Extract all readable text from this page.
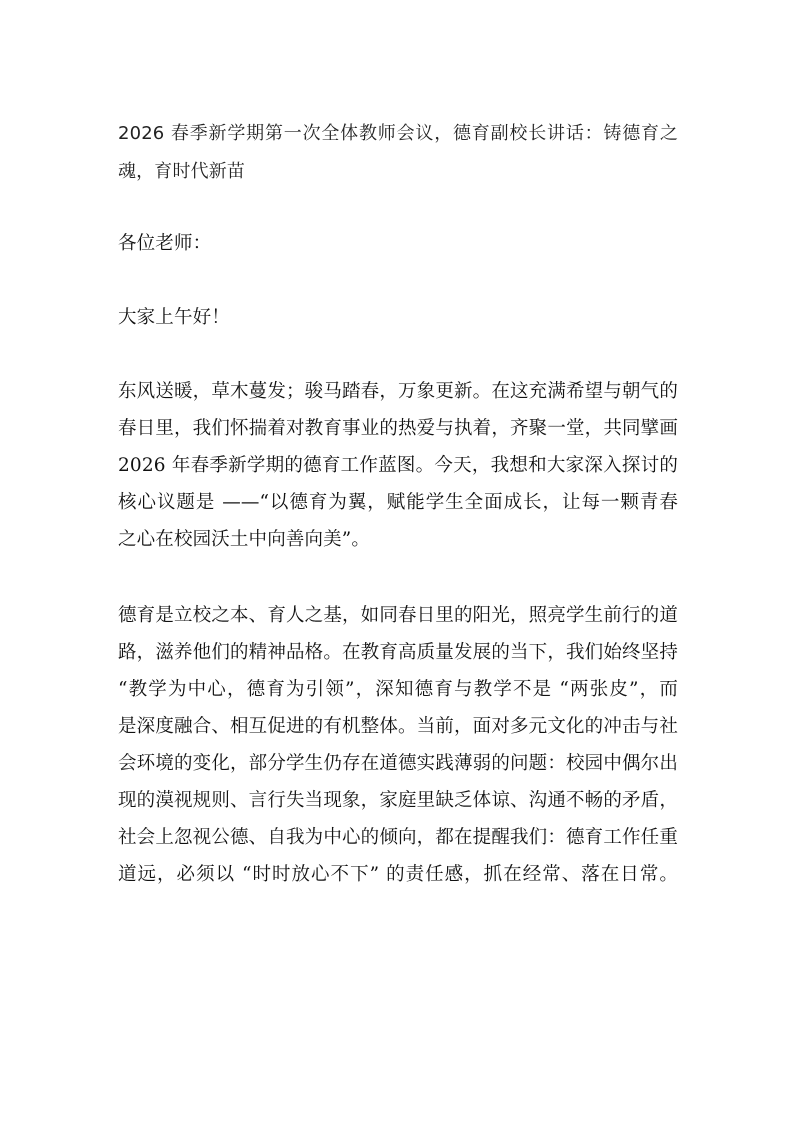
2026 春季新学期第一次全体教师会议，德育副校长讲话：铸德育之
魂，育时代新苗
各位老师：
大家上午好！
东风送暖，草木蔓发；骏马踏春，万象更新。在这充满希望与朝气的
春日里，我们怀揣着对教育事业的热爱与执着，齐聚一堂，共同擘画
2026 年春季新学期的德育工作蓝图。今天，我想和大家深入探讨的
核心议题是 ——“以德育为翼，赋能学生全面成长，让每一颗青春
之心在校园沃土中向善向美”。
德育是立校之本、育人之基，如同春日里的阳光，照亮学生前行的道
路，滋养他们的精神品格。在教育高质量发展的当下，我们始终坚持
“教学为中心，德育为引领”，深知德育与教学不是 “两张皮”，而
是深度融合、相互促进的有机整体。当前，面对多元文化的冲击与社
会环境的变化，部分学生仍存在道德实践薄弱的问题：校园中偶尔出
现的漠视规则、言行失当现象，家庭里缺乏体谅、沟通不畅的矛盾，
社会上忽视公德、自我为中心的倾向，都在提醒我们：德育工作任重
道远，必须以 “时时放心不下” 的责任感，抓在经常、落在日常。
